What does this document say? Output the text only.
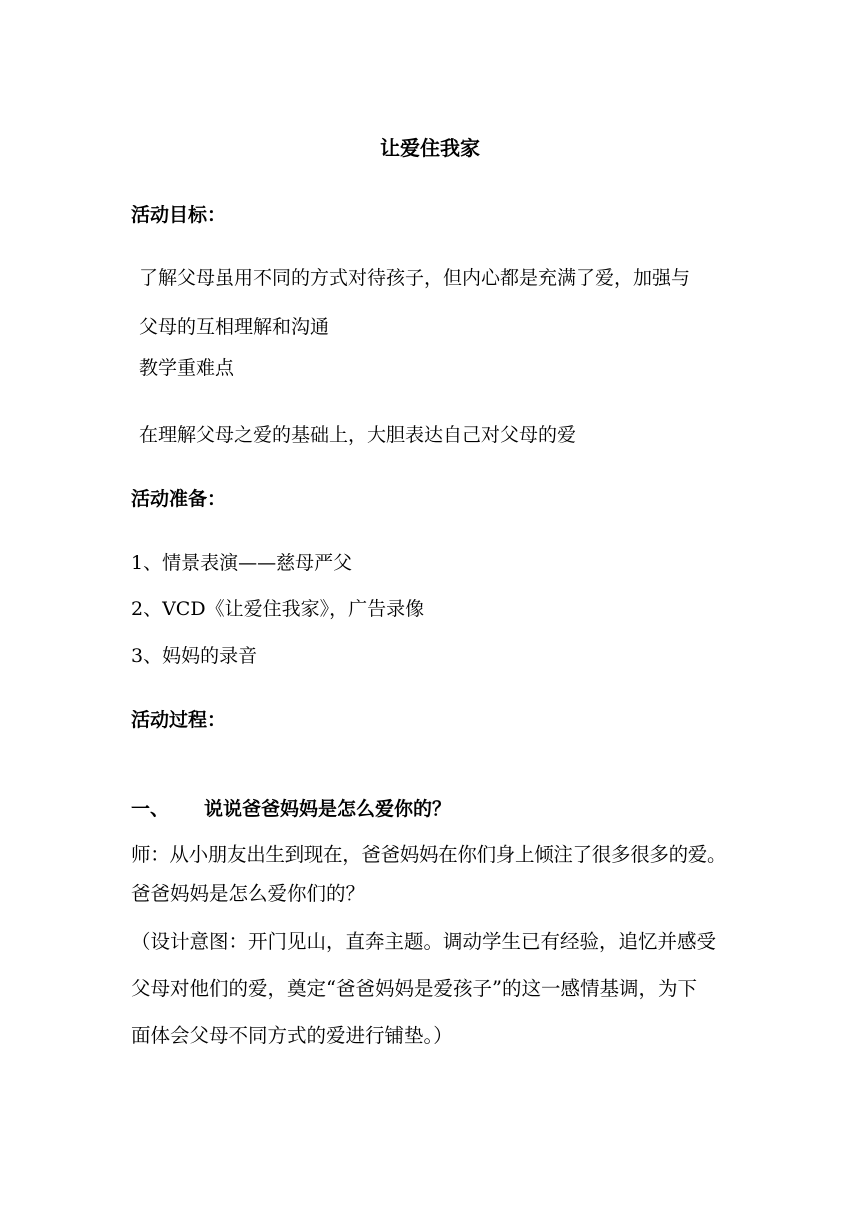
让爱住我家
活动目标：
了解父母虽用不同的方式对待孩子，但内心都是充满了爱，加强与
父母的互相理解和沟通
教学重难点
在理解父母之爱的基础上，大胆表达自己对父母的爱
活动准备：
1、情景表演——慈母严父
2、VCD《让爱住我家》，广告录像
3、妈妈的录音
活动过程：
一、 说说爸爸妈妈是怎么爱你的？
师：从小朋友出生到现在，爸爸妈妈在你们身上倾注了很多很多的爱。
爸爸妈妈是怎么爱你们的？
（设计意图：开门见山，直奔主题。调动学生已有经验，追忆并感受
父母对他们的爱，奠定“爸爸妈妈是爱孩子”的这一感情基调，为下
面体会父母不同方式的爱进行铺垫。）
